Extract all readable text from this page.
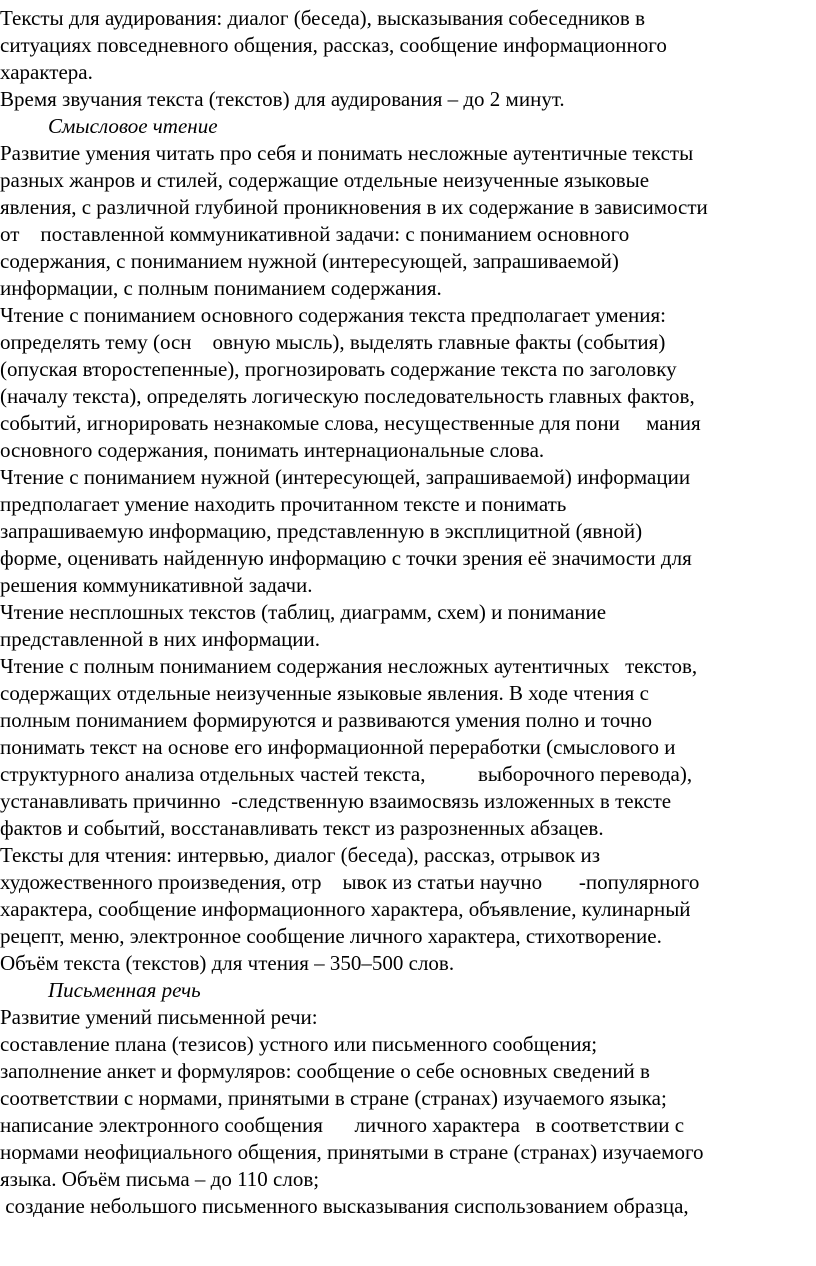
Тексты для аудирования: диалог (беседа), высказывания собеседников в
ситуациях повседневного общения, рассказ, сообщение информационного
характера.
Время звучания текста (текстов) для аудирования – до 2 минут.
Смысловое чтение
Развитие умения читать про себя и понимать несложные аутентичные тексты
разных жанров и стилей, содержащие отдельные неизученные языковые
явления, с различной глубиной проникновения в их содержание в зависимости
от    поставленной коммуникативной задачи: с пониманием основного
содержания, с пониманием нужной (интересующей, запрашиваемой)
информации, с полным пониманием содержания.
Чтение с пониманием основного содержания текста предполагает умения:
определять тему (осн    овную мысль), выделять главные факты (события)
(опуская второстепенные), прогнозировать содержание текста по заголовку
(началу текста), определять логическую последовательность главных фактов,
событий, игнорировать незнакомые слова, несущественные для пони     мания
основного содержания, понимать интернациональные слова.
Чтение с пониманием нужной (интересующей, запрашиваемой) информации
предполагает умение находить прочитанном тексте и понимать
запрашиваемую информацию, представленную в эксплицитной (явной)
форме, оценивать найденную информацию с точки зрения её значимости для
решения коммуникативной задачи.
Чтение несплошных текстов (таблиц, диаграмм, схем) и понимание
представленной в них информации.
Чтение с полным пониманием содержания несложных аутентичных   текстов,
содержащих отдельные неизученные языковые явления. В ходе чтения с
полным пониманием формируются и развиваются умения полно и точно
понимать текст на основе его информационной переработки (смыслового и
структурного анализа отдельных частей текста,          выборочного перевода),
устанавливать причинно  -следственную взаимосвязь изложенных в тексте
фактов и событий, восстанавливать текст из разрозненных абзацев.
Тексты для чтения: интервью, диалог (беседа), рассказ, отрывок из
художественного произведения, отр    ывок из статьи научно       -популярного
характера, сообщение информационного характера, объявление, кулинарный
рецепт, меню, электронное сообщение личного характера, стихотворение.
Объём текста (текстов) для чтения – 350–500 слов.
Письменная речь
Развитие умений письменной речи:
составление плана (тезисов) устного или письменного сообщения;
заполнение анкет и формуляров: сообщение о себе основных сведений в
соответствии с нормами, принятыми в стране (странах) изучаемого языка;
написание электронного сообщения      личного характера   в соответствии с
нормами неофициального общения, принятыми в стране (странах) изучаемого
языка. Объём письма – до 110 слов;
создание небольшого письменного высказывания сиспользованием образца,
